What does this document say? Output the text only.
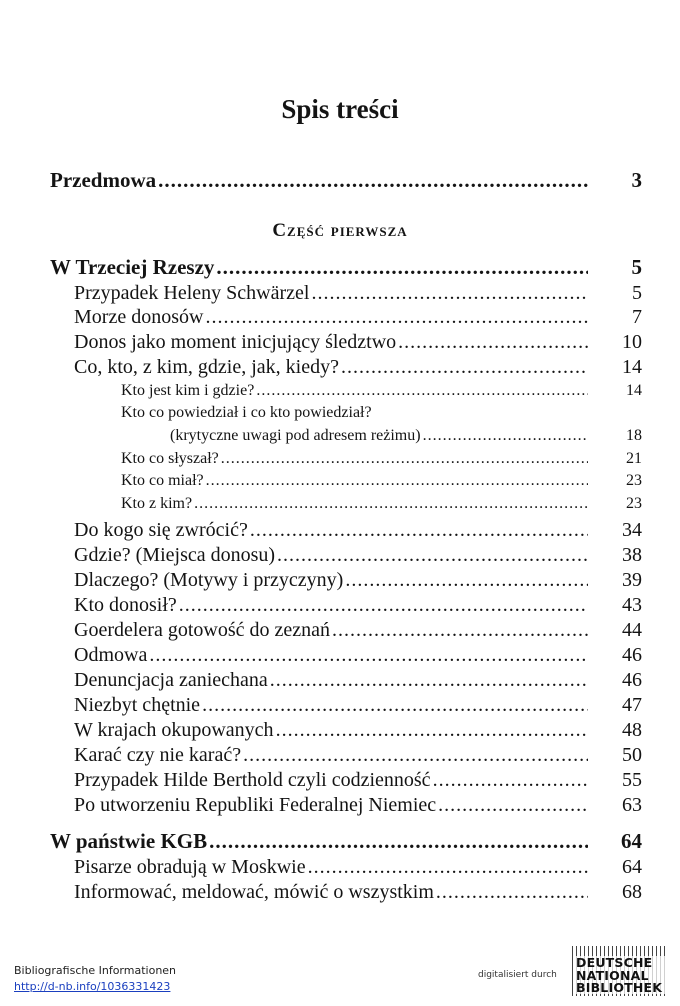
Spis treści
Przedmowa .....	3
Część pierwsza
W Trzeciej Rzeszy .....	5
Przypadek Heleny Schwärzel .....	5
Morze donosów .....	7
Donos jako moment inicjujący śledztwo .....	10
Co, kto, z kim, gdzie, jak, kiedy? .....	14
Kto jest kim i gdzie? .....	14
Kto co powiedział i co kto powiedział?
(krytyczne uwagi pod adresem reżimu) .....	18
Kto co słyszał? .....	21
Kto co miał? .....	23
Kto z kim? .....	23
Do kogo się zwrócić? .....	34
Gdzie? (Miejsca donosu) .....	38
Dlaczego? (Motywy i przyczyny) .....	39
Kto donosił? .....	43
Goerdelera gotowość do zeznań .....	44
Odmowa .....	46
Denuncjacja zaniechana .....	46
Niezbyt chętnie .....	47
W krajach okupowanych .....	48
Karać czy nie karać? .....	50
Przypadek Hilde Berthold czyli codzienność .....	55
Po utworzeniu Republiki Federalnej Niemiec .....	63
W państwie KGB .....	64
Pisarze obradują w Moskwie .....	64
Informować, meldować, mówić o wszystkim .....	68
Bibliografische Informationen
http://d-nb.info/1036331423
digitalisiert durch
DEUTSCHE
NATIONAL
BIBLIOTHEK
